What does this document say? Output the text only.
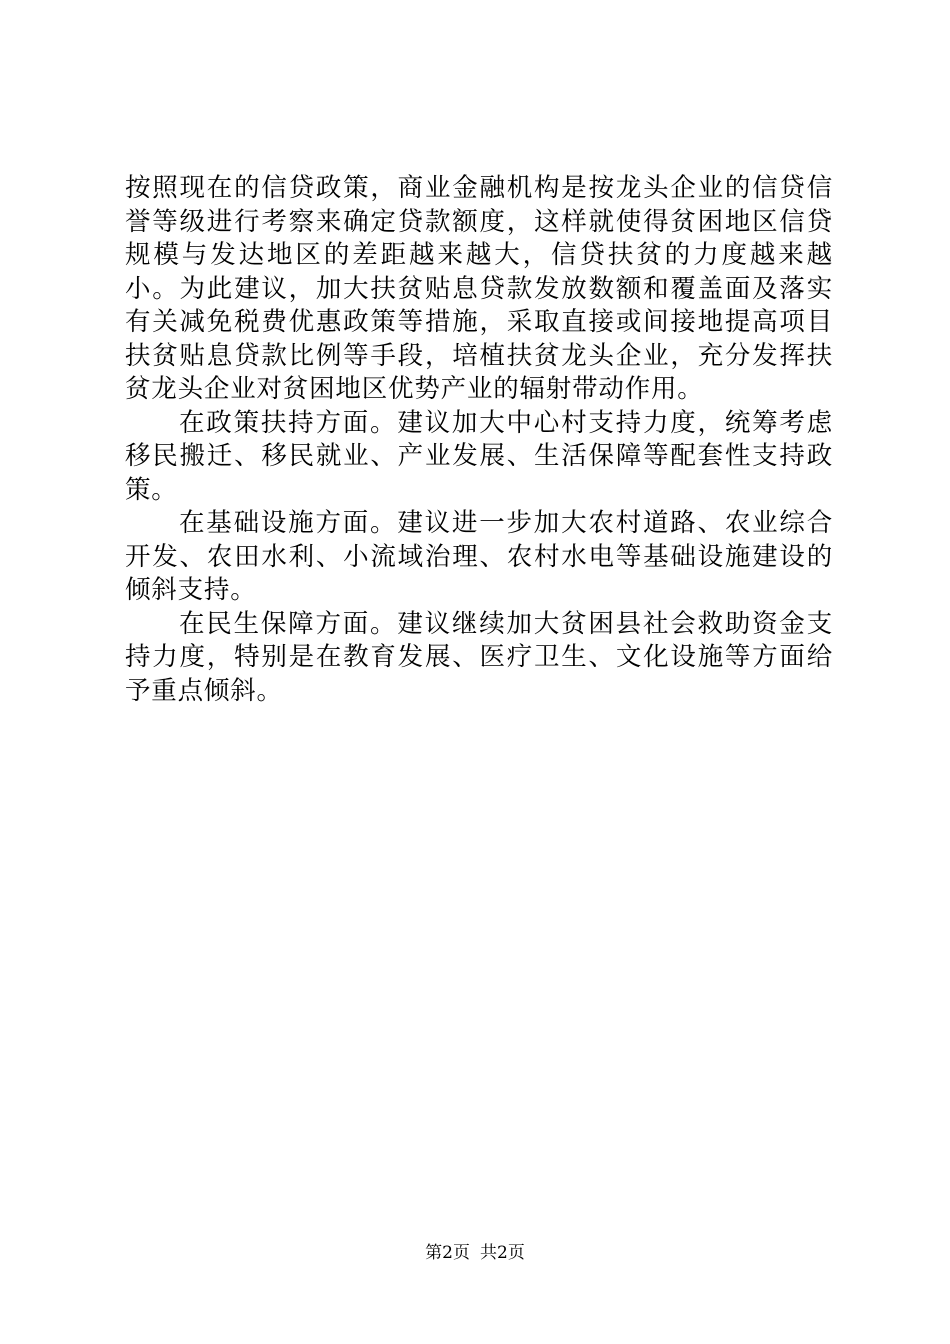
按照现在的信贷政策，商业金融机构是按龙头企业的信贷信誉等级进行考察来确定贷款额度，这样就使得贫困地区信贷规模与发达地区的差距越来越大，信贷扶贫的力度越来越小。为此建议，加大扶贫贴息贷款发放数额和覆盖面及落实有关减免税费优惠政策等措施，采取直接或间接地提高项目扶贫贴息贷款比例等手段，培植扶贫龙头企业，充分发挥扶贫龙头企业对贫困地区优势产业的辐射带动作用。

在政策扶持方面。建议加大中心村支持力度，统筹考虑移民搬迁、移民就业、产业发展、生活保障等配套性支持政策。

在基础设施方面。建议进一步加大农村道路、农业综合开发、农田水利、小流域治理、农村水电等基础设施建设的倾斜支持。

在民生保障方面。建议继续加大贫困县社会救助资金支持力度，特别是在教育发展、医疗卫生、文化设施等方面给予重点倾斜。

第2页 共2页
